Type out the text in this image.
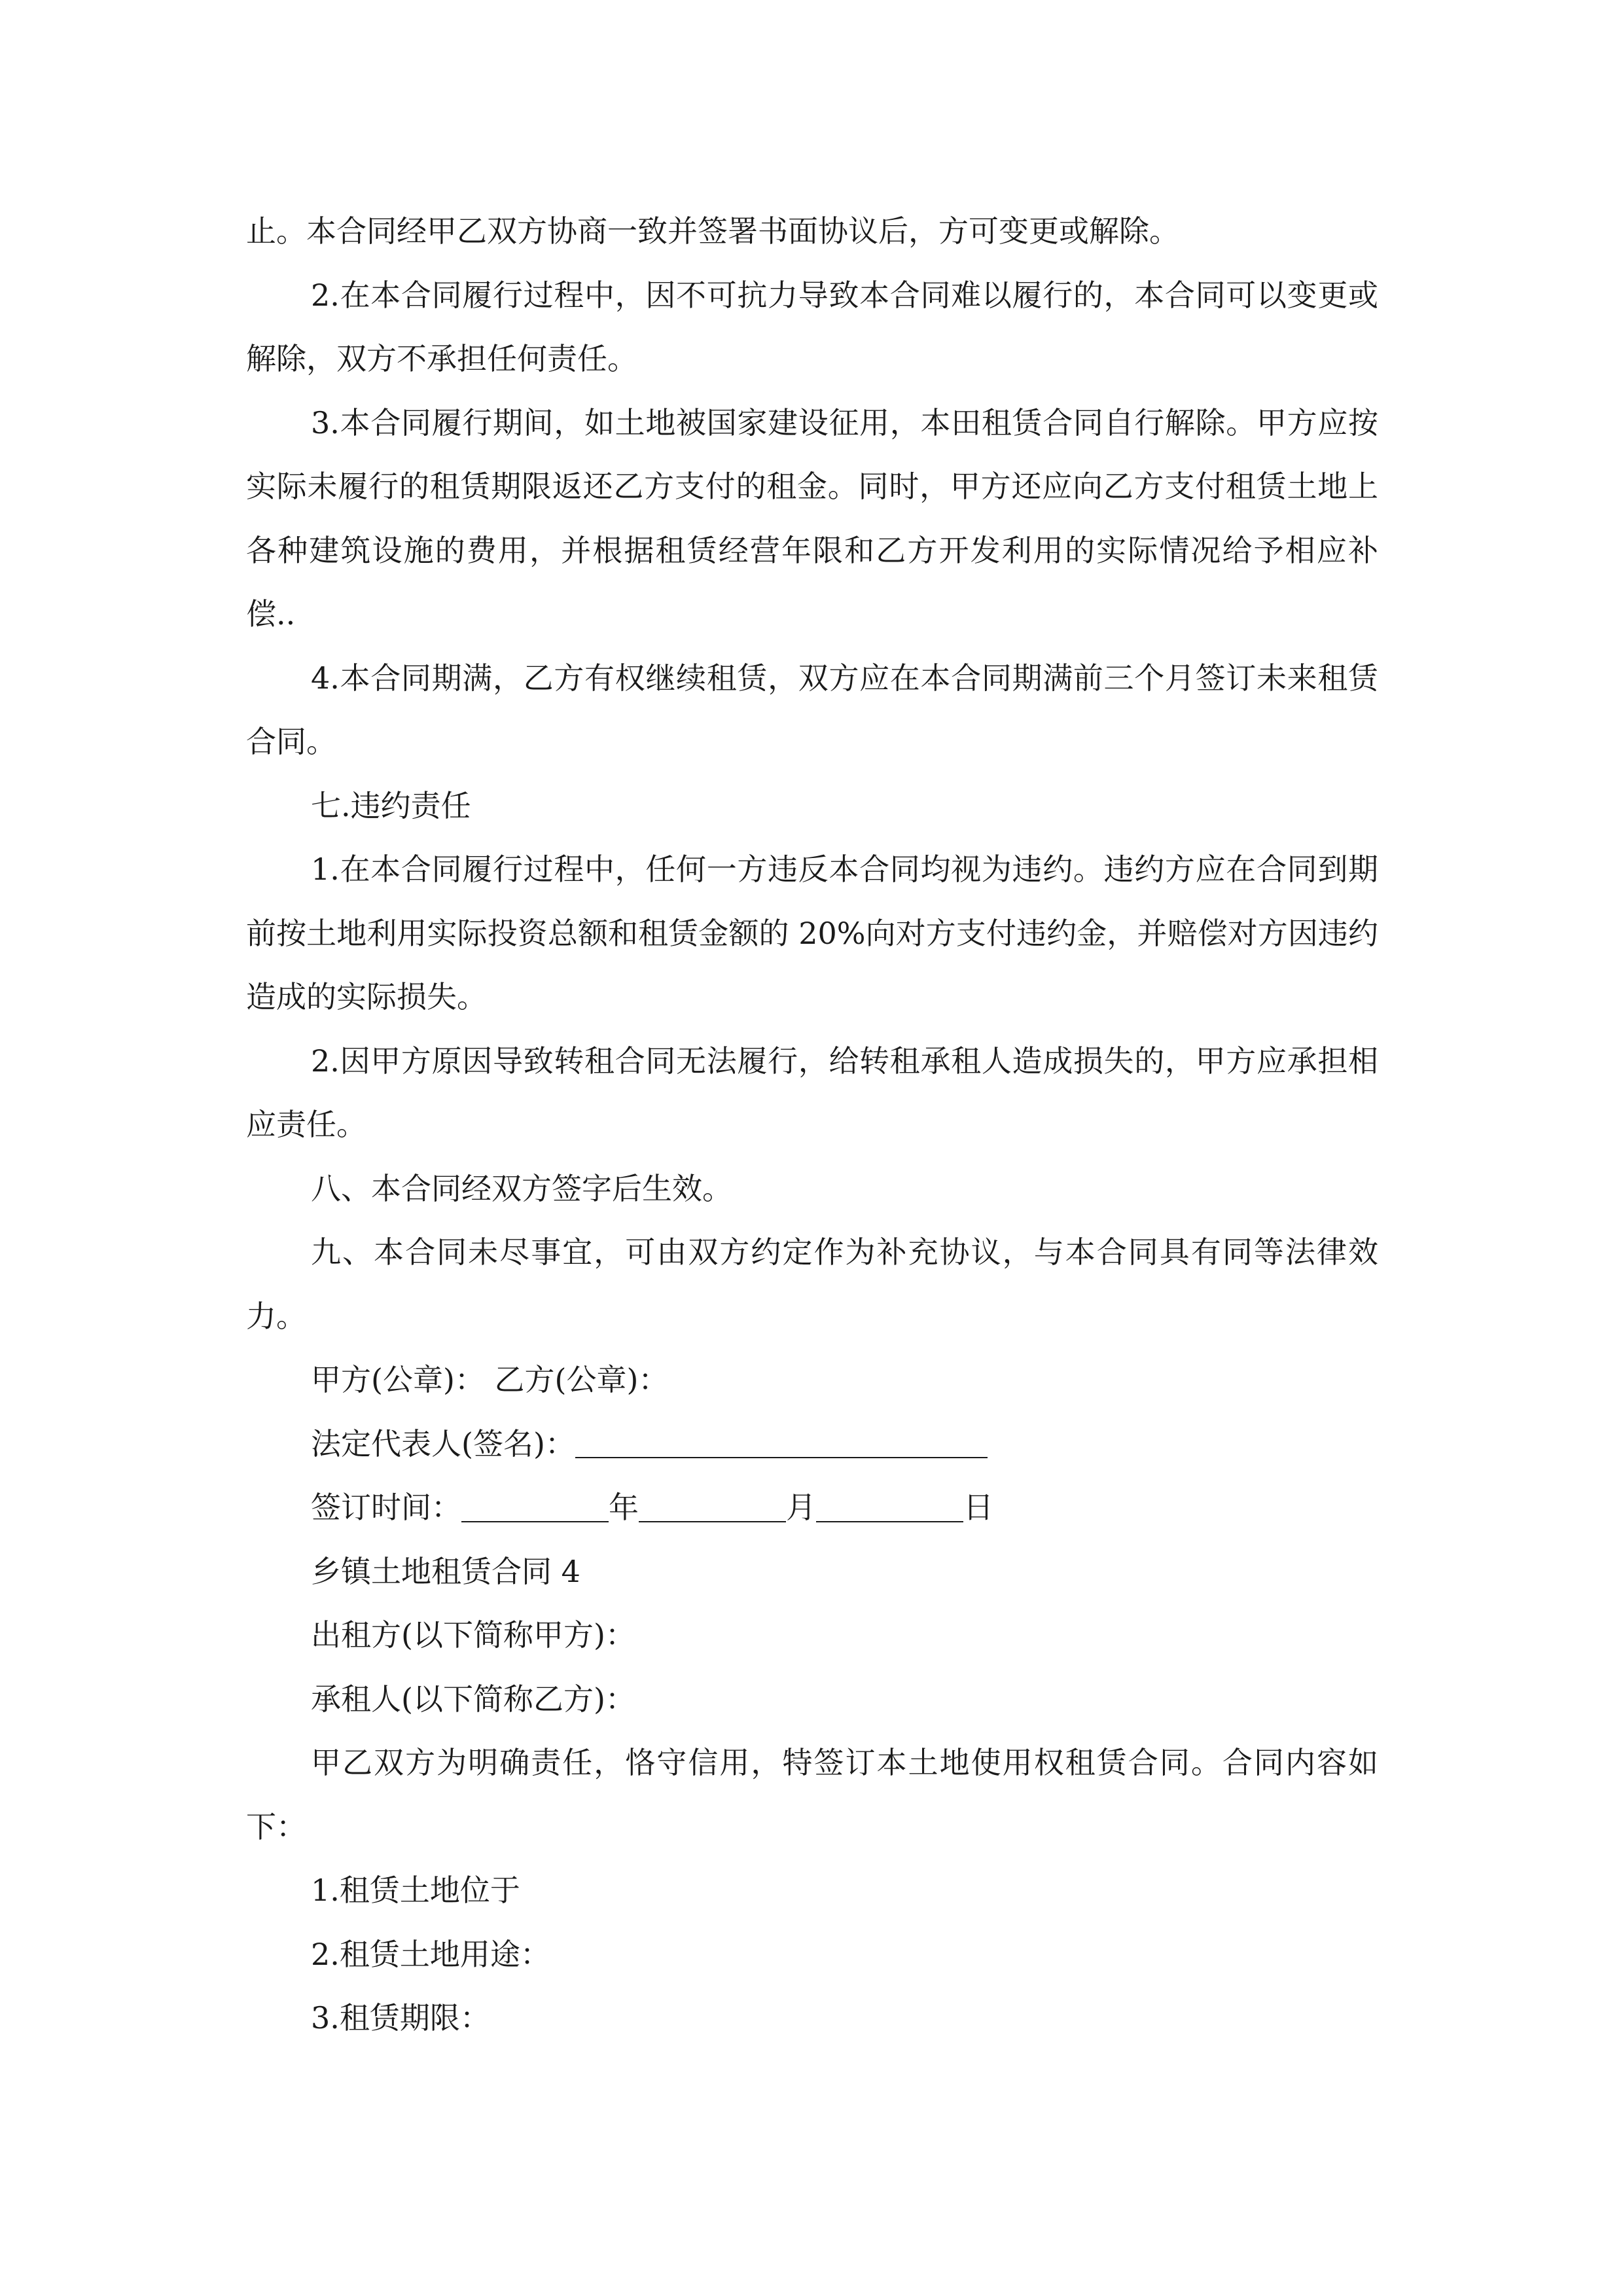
止。本合同经甲乙双方协商一致并签署书面协议后，方可变更或解除。

2.在本合同履行过程中，因不可抗力导致本合同难以履行的，本合同可以变更或解除，双方不承担任何责任。

3.本合同履行期间，如土地被国家建设征用，本田租赁合同自行解除。甲方应按实际未履行的租赁期限返还乙方支付的租金。同时，甲方还应向乙方支付租赁土地上各种建筑设施的费用，并根据租赁经营年限和乙方开发利用的实际情况给予相应补偿..

4.本合同期满，乙方有权继续租赁，双方应在本合同期满前三个月签订未来租赁合同。

七.违约责任

1.在本合同履行过程中，任何一方违反本合同均视为违约。违约方应在合同到期前按土地利用实际投资总额和租赁金额的 20%向对方支付违约金，并赔偿对方因违约造成的实际损失。

2.因甲方原因导致转租合同无法履行，给转租承租人造成损失的，甲方应承担相应责任。

八、本合同经双方签字后生效。

九、本合同未尽事宜，可由双方约定作为补充协议，与本合同具有同等法律效力。

甲方(公章)： 乙方(公章)：

法定代表人(签名)：

签订时间：	年	月	日

乡镇土地租赁合同 4

出租方(以下简称甲方)：

承租人(以下简称乙方)：

甲乙双方为明确责任，恪守信用，特签订本土地使用权租赁合同。合同内容如下：

1.租赁土地位于

2.租赁土地用途：

3.租赁期限：
